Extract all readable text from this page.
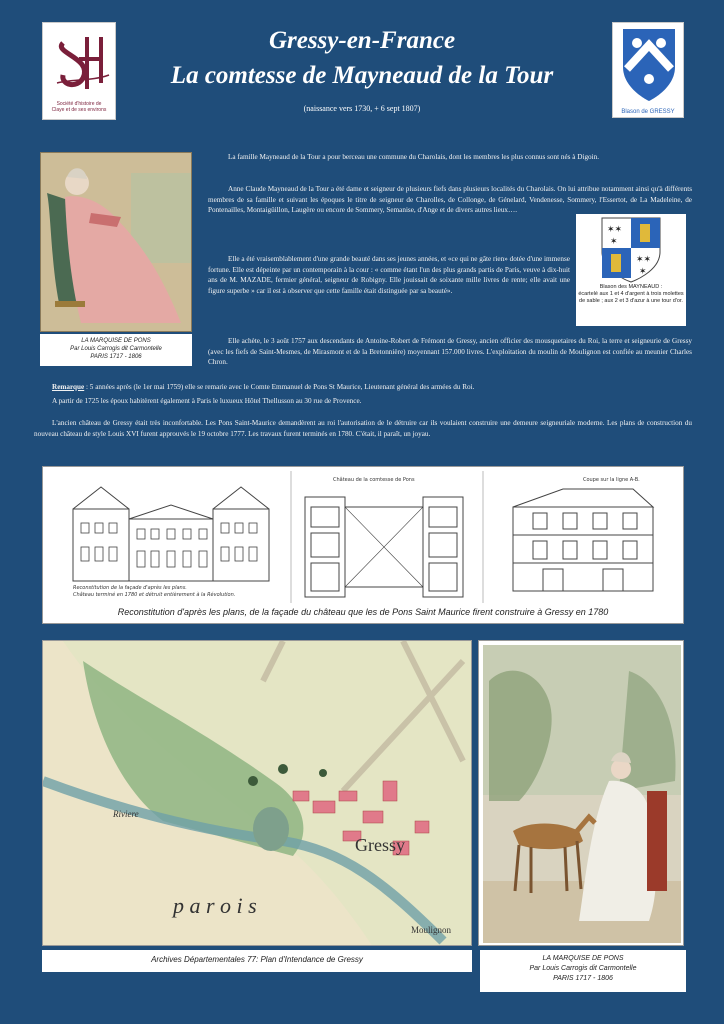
Société d'histoire de
Claye et de ses environs	Blason de GRESSY
Gressy-en-France
La comtesse de Mayneaud de la Tour
(naissance vers 1730, + 6 sept 1807)
LA MARQUISE DE PONS
Par Louis Carrogis dit Carmontelle
PARIS 1717 - 1806
La famille Mayneaud de la Tour a pour berceau une commune du Charolais, dont les membres les plus connus sont nés à Digoin.
Anne Claude Mayneaud de la Tour a été dame et seigneur de plusieurs fiefs dans plusieurs localités du Charolais. On lui attribue notamment ainsi qu'à différents membres de sa famille et suivant les époques le titre de seigneur de Charolles, de Collonge, de Génelard, Vendenesse, Sommery, l'Essertot, de La Madeleine, de Pontenailles, Montaigüillon, Laugère ou encore de Sommery, Semanise, d'Ange et de divers autres lieux….
✶✶
✶
✶✶
✶
Blason des MAYNEAUD :
écartelé aux 1 et 4 d'argent à trois molettes de sable ; aux 2 et 3 d'azur à une tour d'or.
Elle a été vraisemblablement d'une grande beauté dans ses jeunes années, et «ce qui ne gâte rien» dotée d'une immense fortune. Elle est dépeinte par un contemporain à la cour : « comme étant l'un des plus grands partis de Paris, veuve à dix-huit ans de M. MAZADE, fermier général, seigneur de Robigny. Elle jouissait de soixante mille livres de rente; elle avait une figure superbe » car il est à observer que cette famille était distinguée par sa beauté».
Elle achète, le 3 août 1757 aux descendants de Antoine-Robert de Frémont de Gressy, ancien officier des mousquetaires du Roi, la terre et seigneurie de Gressy (avec les fiefs de Saint-Mesmes, de Mirasmont et de la Bretonnière) moyennant 157.000 livres. L'exploitation du moulin de Moulignon est confiée au meunier Charles Chron.
Remarque : 5 années après (le 1er mai 1759) elle se remarie avec le Comte Emmanuel de Pons St Maurice, Lieutenant général des armées du Roi.
A partir de 1725 les époux habitèrent également à Paris le luxueux Hôtel Thellusson au 30 rue de Provence.
L'ancien château de Gressy était très inconfortable. Les Pons Saint-Maurice demandèrent au roi l'autorisation de le détruire car ils voulaient construire une demeure seigneuriale moderne. Les plans de construction du nouveau château de style Louis XVI furent approuvés le 19 octobre 1777. Les travaux furent terminés en 1780. C'était, il paraît, un joyau.
Reconstitution de la façade d'après les plans.
Château terminé en 1780 et détruit entièrement à la Révolution.
Château de la comtesse de Pons	Coupe sur la ligne A-B.
Reconstitution d'après les plans, de la façade du château que les de Pons Saint Maurice firent construire à Gressy en 1780
Gressy
Riviere
p a r o i s
Moulignon
Archives Départementales 77: Plan d'Intendance de Gressy	LA MARQUISE DE PONS
Par Louis Carrogis dit Carmontelle
PARIS 1717 - 1806
